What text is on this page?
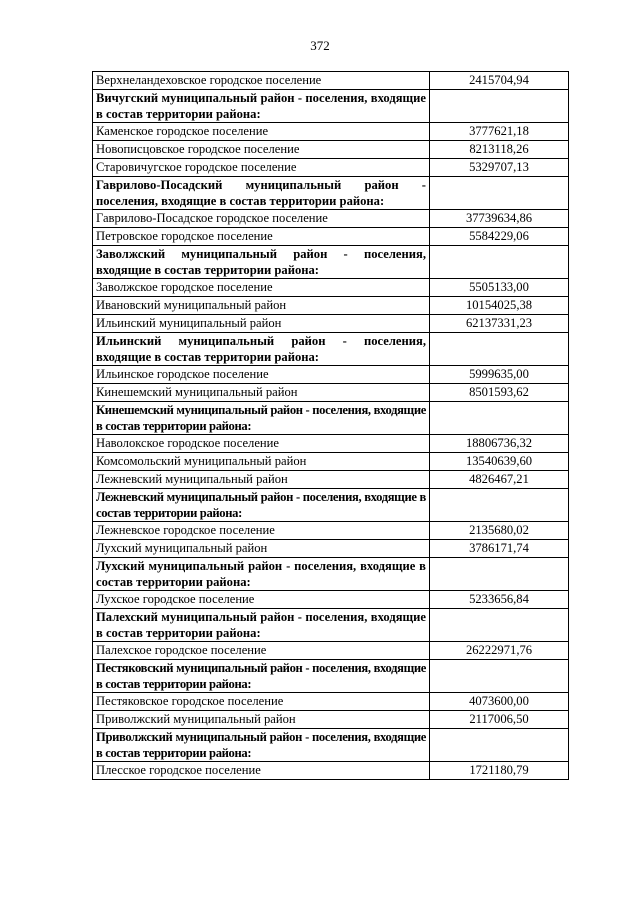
372
Верхнеландеховское городское поселение	2415704,94
Вичугский муниципальный район - поселения, входящие в состав территории района:	
Каменское городское поселение	3777621,18
Новописцовское городское поселение	8213118,26
Старовичугское городское поселение	5329707,13
Гаврилово-Посадский муниципальный район - поселения, входящие в состав территории района:	
Гаврилово-Посадское городское поселение	37739634,86
Петровское городское поселение	5584229,06
Заволжский муниципальный район - поселения, входящие в состав территории района:	
Заволжское городское поселение	5505133,00
Ивановский муниципальный район	10154025,38
Ильинский муниципальный район	62137331,23
Ильинский муниципальный район - поселения, входящие в состав территории района:	
Ильинское городское поселение	5999635,00
Кинешемский муниципальный район	8501593,62
Кинешемский муниципальный район - поселения, входящие в состав территории района:	
Наволокское городское поселение	18806736,32
Комсомольский муниципальный район	13540639,60
Лежневский муниципальный район	4826467,21
Лежневский муниципальный район - поселения, входящие в состав территории района:	
Лежневское городское поселение	2135680,02
Лухский муниципальный район	3786171,74
Лухский муниципальный район - поселения, входящие в состав территории района:	
Лухское городское поселение	5233656,84
Палехский муниципальный район - поселения, входящие в состав территории района:	
Палехское городское поселение	26222971,76
Пестяковский муниципальный район - поселения, входящие в состав территории района:	
Пестяковское городское поселение	4073600,00
Приволжский муниципальный район	2117006,50
Приволжский муниципальный район - поселения, входящие в состав территории района:	
Плесское городское поселение	1721180,79
